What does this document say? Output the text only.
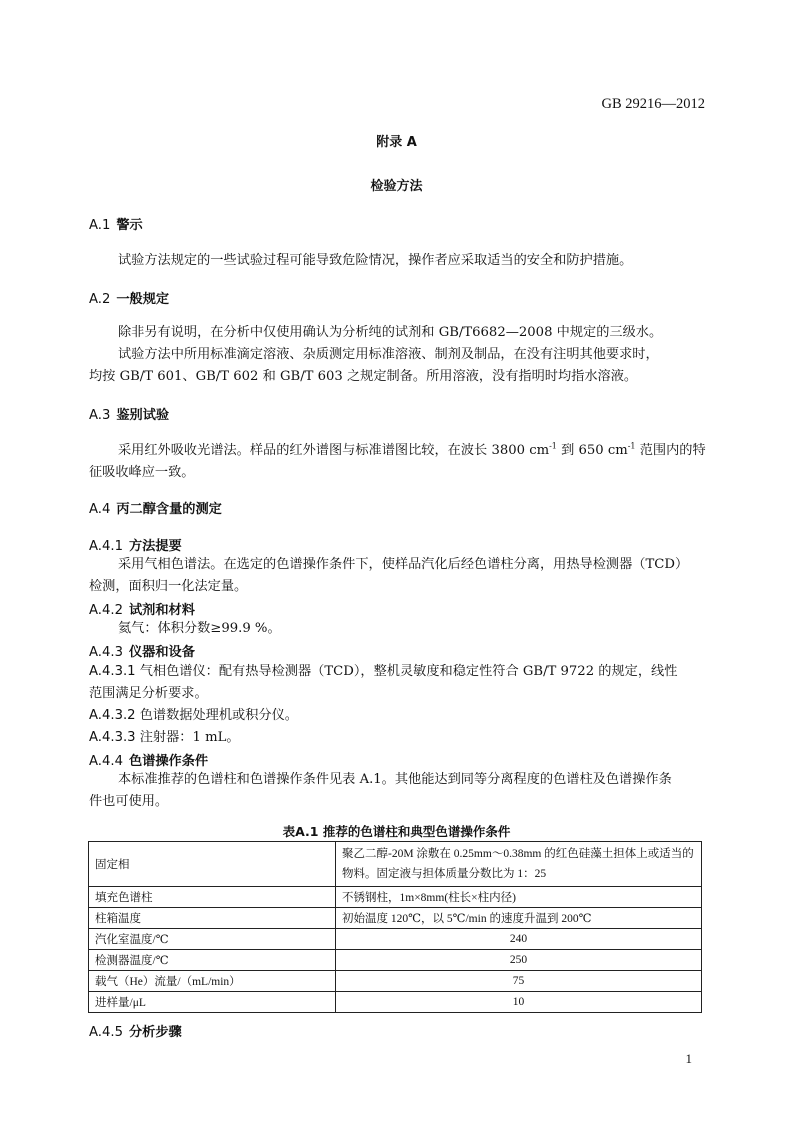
GB 29216—2012
附录 A
检验方法
A.1 警示
试验方法规定的一些试验过程可能导致危险情况，操作者应采取适当的安全和防护措施。
A.2 一般规定
除非另有说明，在分析中仅使用确认为分析纯的试剂和 GB/T6682—2008 中规定的三级水。
试验方法中所用标准滴定溶液、杂质测定用标准溶液、制剂及制品，在没有注明其他要求时，
均按 GB/T 601、GB/T 602 和 GB/T 603 之规定制备。所用溶液，没有指明时均指水溶液。
A.3 鉴别试验
采用红外吸收光谱法。样品的红外谱图与标准谱图比较，在波长 3800 $cm^{-1}$ 到 650 $cm^{-1}$ 范围内的特
征吸收峰应一致。
A.4 丙二醇含量的测定
A.4.1 方法提要
采用气相色谱法。在选定的色谱操作条件下，使样品汽化后经色谱柱分离，用热导检测器（TCD）
检测，面积归一化法定量。
A.4.2 试剂和材料
氦气：体积分数≥99.9 %。
A.4.3 仪器和设备
A.4.3.1 气相色谱仪：配有热导检测器（TCD），整机灵敏度和稳定性符合 GB/T 9722 的规定，线性
范围满足分析要求。
A.4.3.2 色谱数据处理机或积分仪。
A.4.3.3 注射器：1 mL。
A.4.4 色谱操作条件
本标准推荐的色谱柱和色谱操作条件见表 A.1。其他能达到同等分离程度的色谱柱及色谱操作条
件也可使用。
表A.1 推荐的色谱柱和典型色谱操作条件
固定相	聚乙二醇-20M 涂敷在 0.25mm～0.38mm 的红色硅藻土担体上或适当的物料。固定液与担体质量分数比为 1：25
填充色谱柱	不锈钢柱，1m×8mm(柱长×柱内径)
柱箱温度	初始温度 120℃，以 5℃/min 的速度升温到 200℃
汽化室温度/℃	240
检测器温度/℃	250
载气（He）流量/（mL/min）	75
进样量/μL	10
A.4.5 分析步骤
1
